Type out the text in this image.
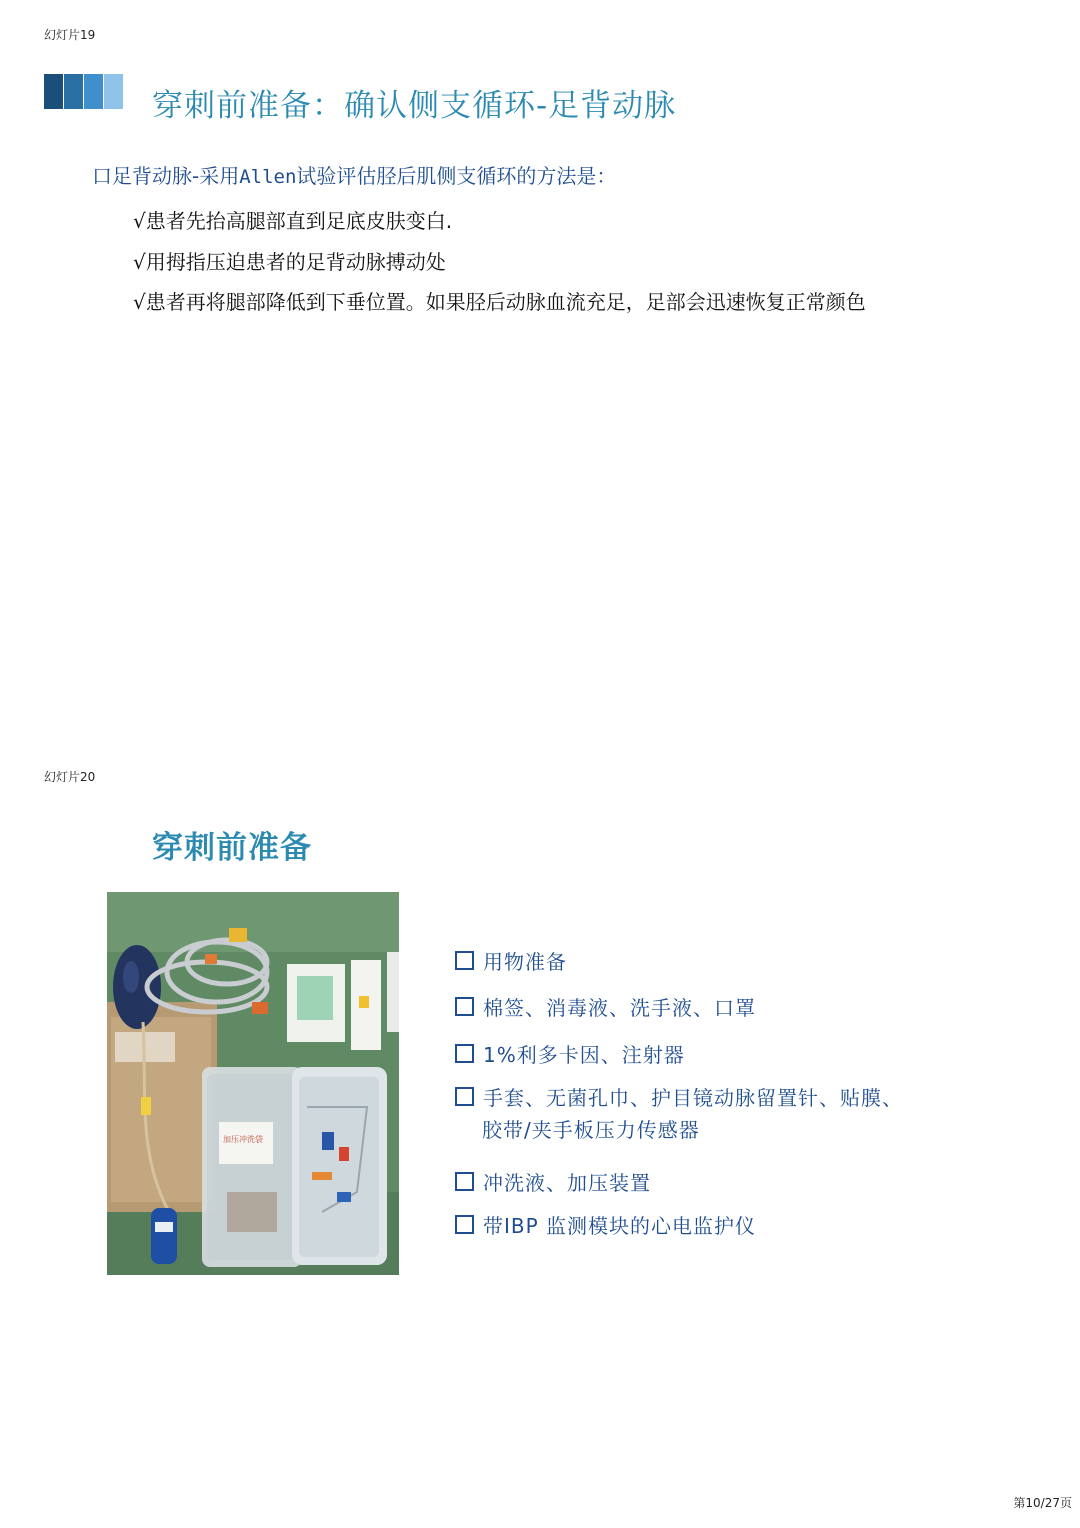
幻灯片19
穿刺前准备：确认侧支循环-足背动脉
口足背动脉-采用Allen试验评估胫后肌侧支循环的方法是：
√患者先抬高腿部直到足底皮肤变白.
√用拇指压迫患者的足背动脉搏动处
√患者再将腿部降低到下垂位置。如果胫后动脉血流充足，足部会迅速恢复正常颜色
幻灯片20
穿刺前准备
加压冲洗袋
用物准备
棉签、消毒液、洗手液、口罩
1%利多卡因、注射器
手套、无菌孔巾、护目镜动脉留置针、贴膜、
胶带/夹手板压力传感器
冲洗液、加压装置
带IBP 监测模块的心电监护仪
第10/27页
